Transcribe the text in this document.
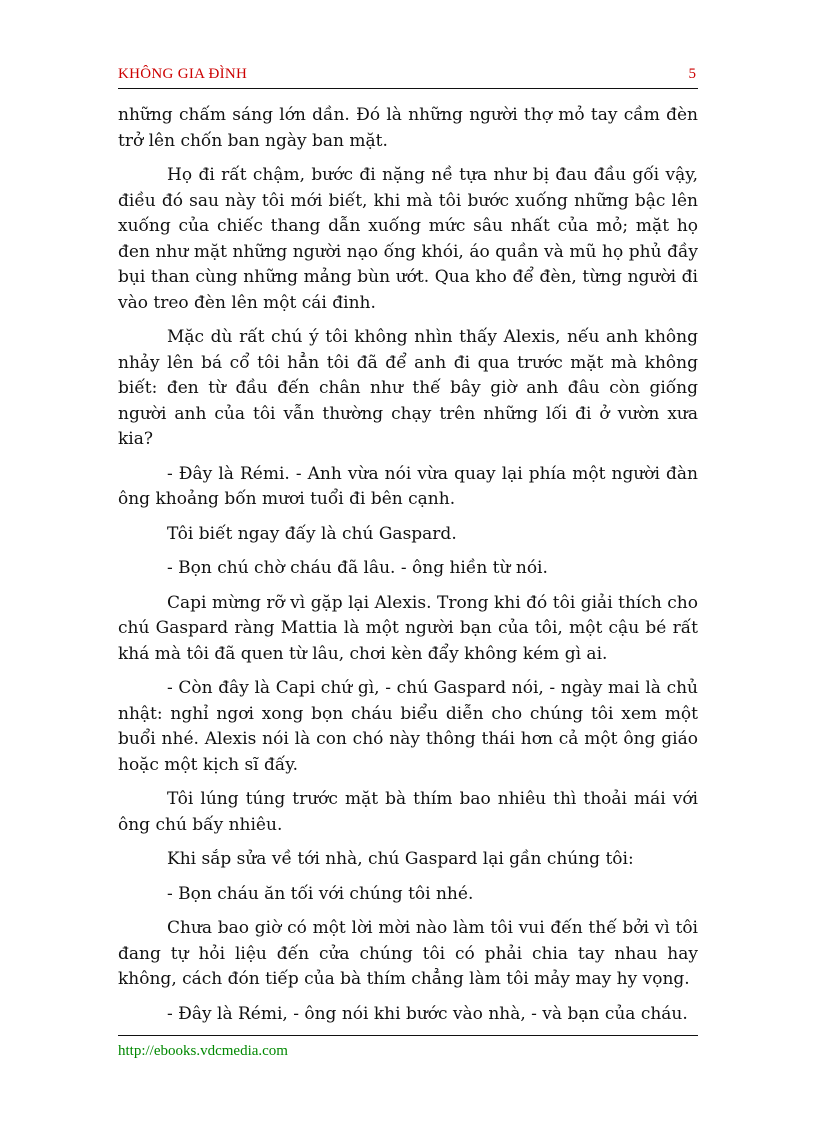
KHÔNG GIA ĐÌNH	5

những chấm sáng lớn dần. Đó là những người thợ mỏ tay cầm đèn trở lên chốn ban ngày ban mặt.

Họ đi rất chậm, bước đi nặng nề tựa như bị đau đầu gối vậy, điều đó sau này tôi mới biết, khi mà tôi bước xuống những bậc lên xuống của chiếc thang dẫn xuống mức sâu nhất của mỏ; mặt họ đen như mặt những người nạo ống khói, áo quần và mũ họ phủ đầy bụi than cùng những mảng bùn ướt. Qua kho để đèn, từng người đi vào treo đèn lên một cái đinh.

Mặc dù rất chú ý tôi không nhìn thấy Alexis, nếu anh không nhảy lên bá cổ tôi hẳn tôi đã để anh đi qua trước mặt mà không biết: đen từ đầu đến chân như thế bây giờ anh đâu còn giống người anh của tôi vẫn thường chạy trên những lối đi ở vườn xưa kia?

- Đây là Rémi. - Anh vừa nói vừa quay lại phía một người đàn ông khoảng bốn mươi tuổi đi bên cạnh.

Tôi biết ngay đấy là chú Gaspard.

- Bọn chú chờ cháu đã lâu. - ông hiền từ nói.

Capi mừng rỡ vì gặp lại Alexis. Trong khi đó tôi giải thích cho chú Gaspard ràng Mattia là một người bạn của tôi, một cậu bé rất khá mà tôi đã quen từ lâu, chơi kèn đẩy không kém gì ai.

- Còn đây là Capi chứ gì, - chú Gaspard nói, - ngày mai là chủ nhật: nghỉ ngơi xong bọn cháu biểu diễn cho chúng tôi xem một buổi nhé. Alexis nói là con chó này thông thái hơn cả một ông giáo hoặc một kịch sĩ đấy.

Tôi lúng túng trước mặt bà thím bao nhiêu thì thoải mái với ông chú bấy nhiêu.

Khi sắp sửa về tới nhà, chú Gaspard lại gần chúng tôi:

- Bọn cháu ăn tối với chúng tôi nhé.

Chưa bao giờ có một lời mời nào làm tôi vui đến thế bởi vì tôi đang tự hỏi liệu đến cửa chúng tôi có phải chia tay nhau hay không, cách đón tiếp của bà thím chẳng làm tôi mảy may hy vọng.

- Đây là Rémi, - ông nói khi bước vào nhà, - và bạn của cháu.

http://ebooks.vdcmedia.com
